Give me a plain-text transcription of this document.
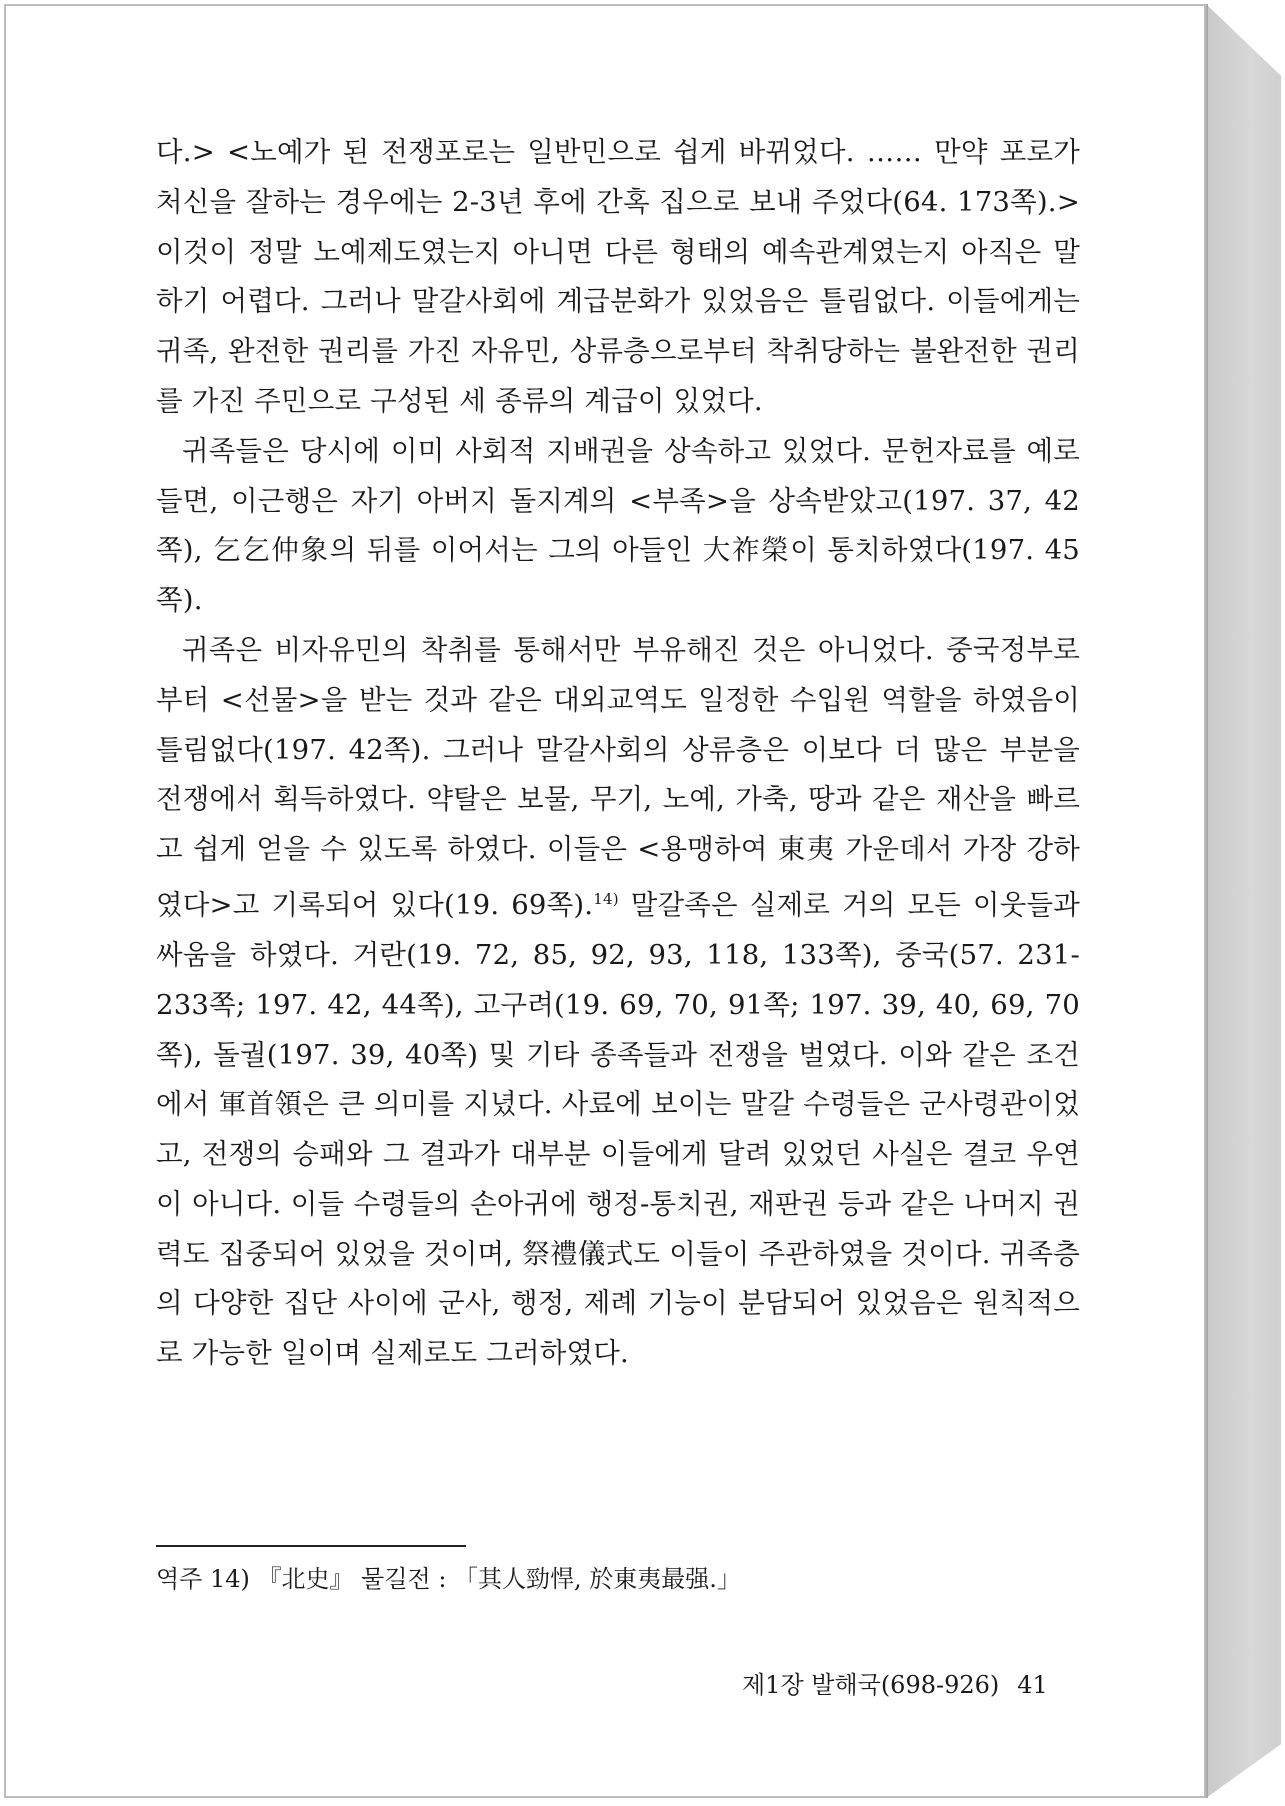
다.> <노예가 된 전쟁포로는 일반민으로 쉽게 바뀌었다. …… 만약 포로가 처신을 잘하는 경우에는 2-3년 후에 간혹 집으로 보내 주었다(64. 173쪽).> 이것이 정말 노예제도였는지 아니면 다른 형태의 예속관계였는지 아직은 말하기 어렵다. 그러나 말갈사회에 계급분화가 있었음은 틀림없다. 이들에게는 귀족, 완전한 권리를 가진 자유민, 상류층으로부터 착취당하는 불완전한 권리를 가진 주민으로 구성된 세 종류의 계급이 있었다.

귀족들은 당시에 이미 사회적 지배권을 상속하고 있었다. 문헌자료를 예로 들면, 이근행은 자기 아버지 돌지계의 <부족>을 상속받았고(197. 37, 42쪽), 乞乞仲象의 뒤를 이어서는 그의 아들인 大祚榮이 통치하였다(197. 45쪽).

귀족은 비자유민의 착취를 통해서만 부유해진 것은 아니었다. 중국정부로부터 <선물>을 받는 것과 같은 대외교역도 일정한 수입원 역할을 하였음이 틀림없다(197. 42쪽). 그러나 말갈사회의 상류층은 이보다 더 많은 부분을 전쟁에서 획득하였다. 약탈은 보물, 무기, 노예, 가축, 땅과 같은 재산을 빠르고 쉽게 얻을 수 있도록 하였다. 이들은 <용맹하여 東夷 가운데서 가장 강하였다>고 기록되어 있다(19. 69쪽).$^{14)}$ 말갈족은 실제로 거의 모든 이웃들과 싸움을 하였다. 거란(19. 72, 85, 92, 93, 118, 133쪽), 중국(57. 231-233쪽; 197. 42, 44쪽), 고구려(19. 69, 70, 91쪽; 197. 39, 40, 69, 70쪽), 돌궐(197. 39, 40쪽) 및 기타 종족들과 전쟁을 벌였다. 이와 같은 조건에서 軍首領은 큰 의미를 지녔다. 사료에 보이는 말갈 수령들은 군사령관이었고, 전쟁의 승패와 그 결과가 대부분 이들에게 달려 있었던 사실은 결코 우연이 아니다. 이들 수령들의 손아귀에 행정-통치권, 재판권 등과 같은 나머지 권력도 집중되어 있었을 것이며, 祭禮儀式도 이들이 주관하였을 것이다. 귀족층의 다양한 집단 사이에 군사, 행정, 제례 기능이 분담되어 있었음은 원칙적으로 가능한 일이며 실제로도 그러하였다.

역주 14) 『北史』 물길전 : 「其人勁悍, 於東夷最强.」
제1장 발해국(698-926) 41
